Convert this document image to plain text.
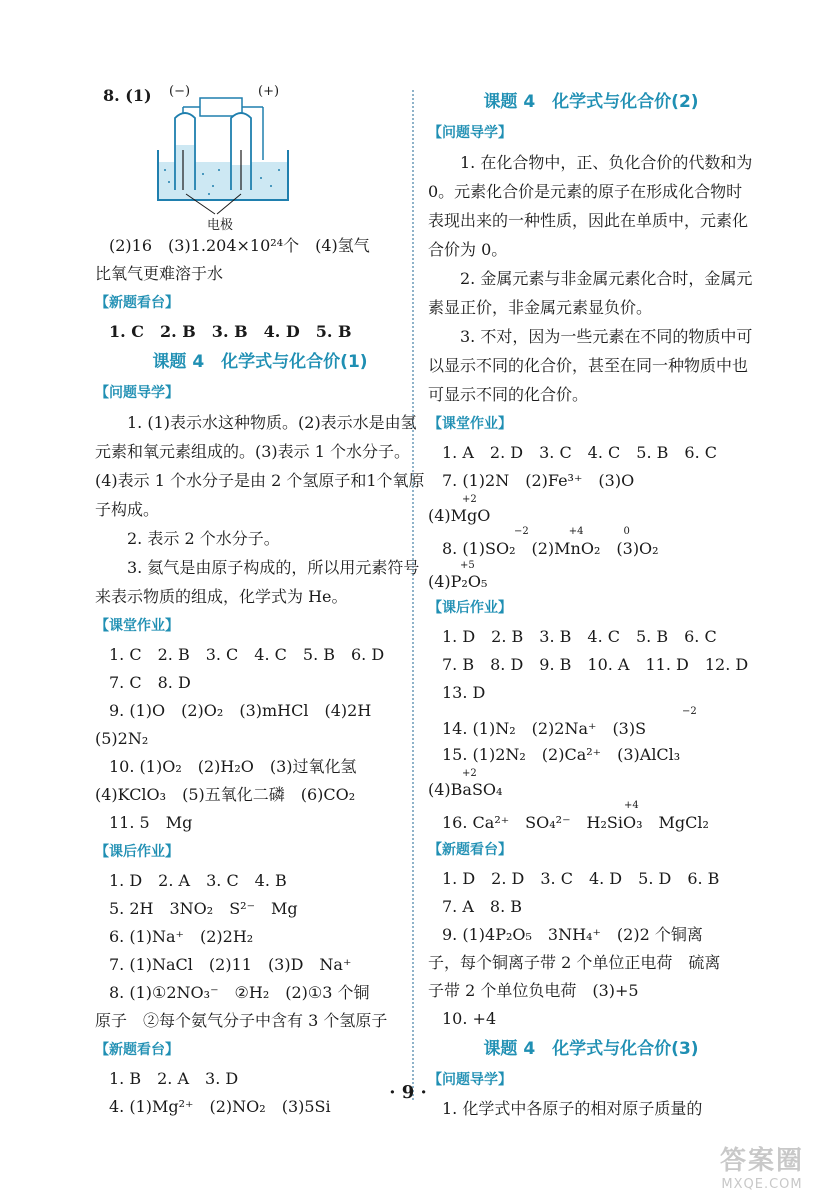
8. (1) (−)	(+)
电极
(2)16　(3)1.204×10²⁴个　(4)氢气
比氧气更难溶于水
【新题看台】
1. C　2. B　3. B　4. D　5. B
课题 4　化学式与化合价(1)
【问题导学】
1. (1)表示水这种物质。(2)表示水是由氢元素和氧元素组成的。(3)表示 1 个水分子。(4)表示 1 个水分子是由 2 个氢原子和1个氧原子构成。
2. 表示 2 个水分子。
3. 氦气是由原子构成的，所以用元素符号来表示物质的组成，化学式为 He。
【课堂作业】
1. C　2. B　3. C　4. C　5. B　6. D
7. C　8. D
9. (1)O　(2)O₂　(3)mHCl　(4)2H
(5)2N₂
10. (1)O₂　(2)H₂O　(3)过氧化氢
(4)KClO₃　(5)五氧化二磷　(6)CO₂
11. 5　Mg
【课后作业】
1. D　2. A　3. C　4. B
5. 2H　3NO₂　S²⁻　Mg
6. (1)Na⁺　(2)2H₂
7. (1)NaCl　(2)11　(3)D　Na⁺
8. (1)①2NO₃⁻　②H₂　(2)①3 个铜
原子　②每个氨气分子中含有 3 个氢原子
【新题看台】
1. B　2. A　3. D
4. (1)Mg²⁺　(2)NO₂　(3)5Si
课题 4　化学式与化合价(2)
【问题导学】
1. 在化合物中，正、负化合价的代数和为 0。元素化合价是元素的原子在形成化合物时表现出来的一种性质，因此在单质中，元素化合价为 0。
2. 金属元素与非金属元素化合时，金属元素显正价，非金属元素显负价。
3. 不对，因为一些元素在不同的物质中可以显示不同的化合价，甚至在同一种物质中也可显示不同的化合价。
【课堂作业】
1. A　2. D　3. C　4. C　5. B　6. C
7. (1)2N　(2)Fe³⁺　(3)O
+2
(4)MgO
−2　　　　+4　　　　0
8. (1)SO₂　(2)MnO₂　(3)O₂
+5
(4)P₂O₅
【课后作业】
1. D　2. B　3. B　4. C　5. B　6. C
7. B　8. D　9. B　10. A　11. D　12. D
13. D
−2
14. (1)N₂　(2)2Na⁺　(3)S
15. (1)2N₂　(2)Ca²⁺　(3)AlCl₃
+2
(4)BaSO₄
+4
16. Ca²⁺　SO₄²⁻　H₂SiO₃　MgCl₂
【新题看台】
1. D　2. D　3. C　4. D　5. D　6. B
7. A　8. B
9. (1)4P₂O₅　3NH₄⁺　(2)2 个铜离
子，每个铜离子带 2 个单位正电荷　硫离
子带 2 个单位负电荷　(3)+5
10. +4
课题 4　化学式与化合价(3)
【问题导学】
1. 化学式中各原子的相对原子质量的
· 9 ·
答案圈
MXQE.COM
